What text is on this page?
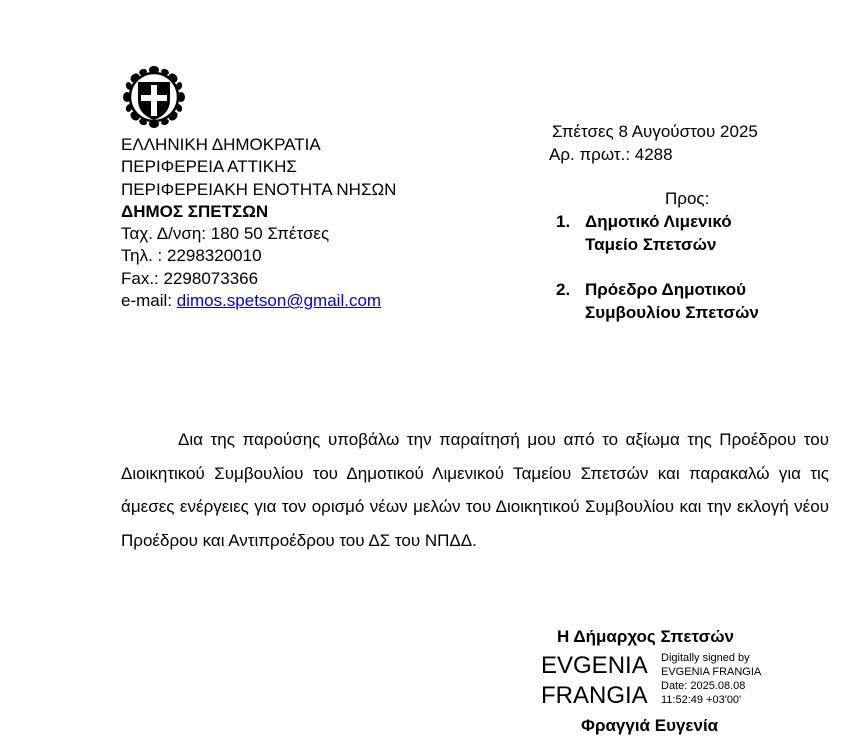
ΕΛΛΗΝΙΚΗ ΔΗΜΟΚΡΑΤΙΑ
ΠΕΡΙΦΕΡΕΙΑ ΑΤΤΙΚΗΣ
ΠΕΡΙΦΕΡΕΙΑΚΗ ΕΝΟΤΗΤΑ ΝΗΣΩΝ
ΔΗΜΟΣ ΣΠΕΤΣΩΝ
Ταχ. Δ/νση: 180 50 Σπέτσες
Τηλ. : 2298320010
Fax.: 2298073366
e-mail: dimos.spetson@gmail.com
Σπέτσες 8 Αυγούστου 2025
Αρ. πρωτ.: 4288
Προς:
1. Δημοτικό Λιμενικό
Ταμείο Σπετσών
2. Πρόεδρο Δημοτικού
Συμβουλίου Σπετσών
Δια της παρούσης υποβάλω την παραίτησή μου από το αξίωμα της Προέδρου του Διοικητικού Συμβουλίου του Δημοτικού Λιμενικού Ταμείου Σπετσών και παρακαλώ για τις άμεσες ενέργειες για τον ορισμό νέων μελών του Διοικητικού Συμβουλίου και την εκλογή νέου Προέδρου και Αντιπροέδρου του ΔΣ του ΝΠΔΔ.
Η Δήμαρχος Σπετσών
EVGENIA
FRANGIA
Digitally signed by
EVGENIA FRANGIA
Date: 2025.08.08
11:52:49 +03'00'
Φραγγιά Ευγενία
